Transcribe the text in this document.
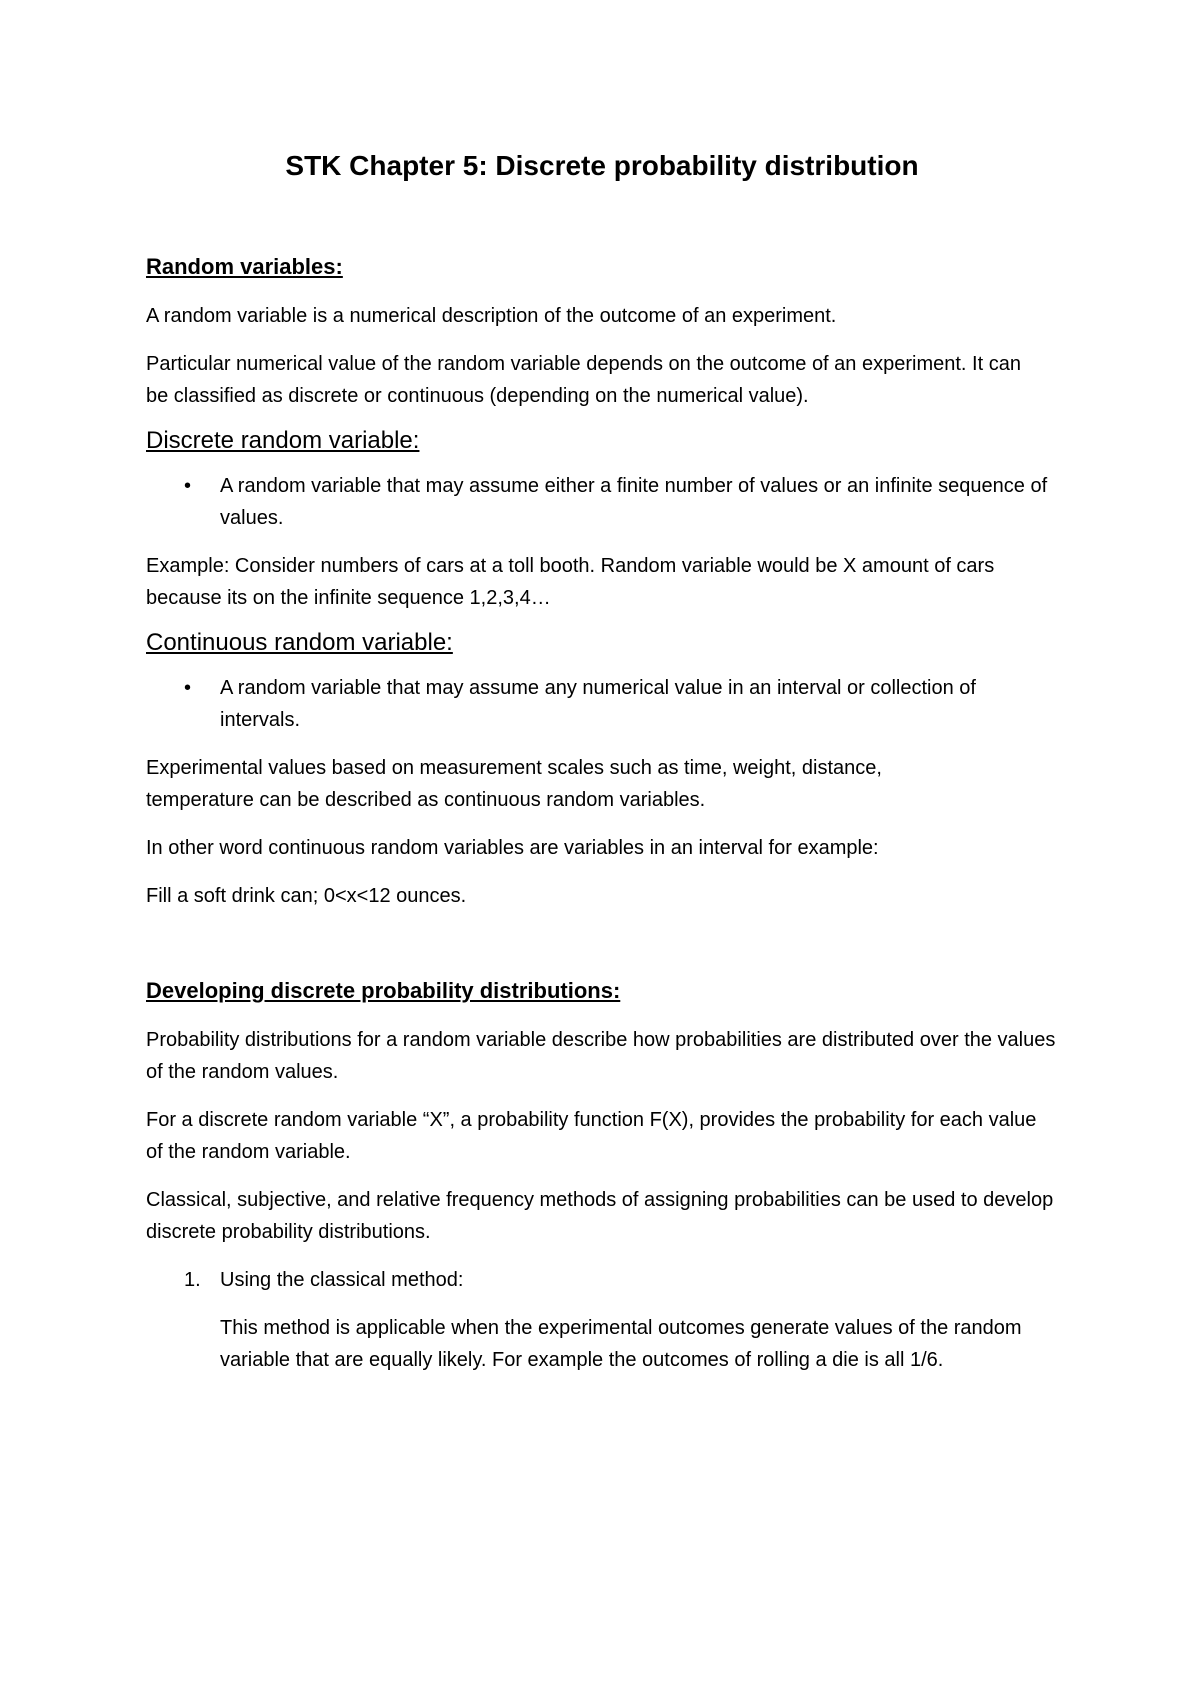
STK Chapter 5: Discrete probability distribution
Random variables:

A random variable is a numerical description of the outcome of an experiment.

Particular numerical value of the random variable depends on the outcome of an experiment. It can be classified as discrete or continuous (depending on the numerical value).

Discrete random variable:
• A random variable that may assume either a finite number of values or an infinite sequence of values.

Example: Consider numbers of cars at a toll booth. Random variable would be X amount of cars because its on the infinite sequence 1,2,3,4…

Continuous random variable:
• A random variable that may assume any numerical value in an interval or collection of intervals.

Experimental values based on measurement scales such as time, weight, distance, temperature can be described as continuous random variables.

In other word continuous random variables are variables in an interval for example:

Fill a soft drink can; 0<x<12 ounces.

Developing discrete probability distributions:

Probability distributions for a random variable describe how probabilities are distributed over the values of the random values.

For a discrete random variable “X”, a probability function F(X), provides the probability for each value of the random variable.

Classical, subjective, and relative frequency methods of assigning probabilities can be used to develop discrete probability distributions.

1. Using the classical method:

This method is applicable when the experimental outcomes generate values of the random variable that are equally likely. For example the outcomes of rolling a die is all 1/6.
